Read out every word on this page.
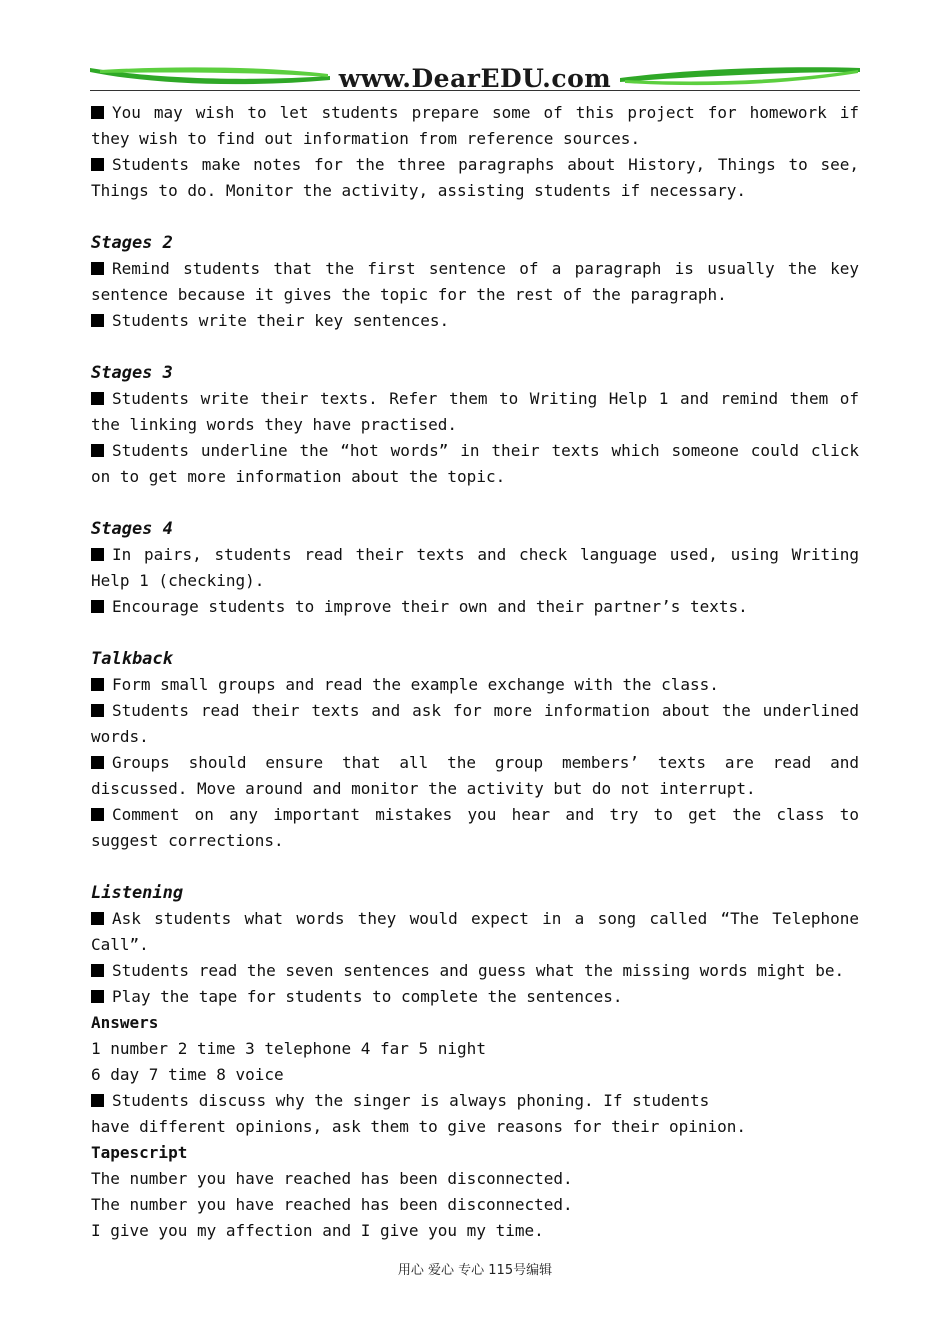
www.DearEDU.com
You may wish to let students prepare some of this project for homework if
they wish to find out information from reference sources.
Students make notes for the three paragraphs about History, Things to see,
Things to do. Monitor the activity, assisting students if necessary.
Stages 2
Remind students that the first sentence of a paragraph is usually the key
sentence because it gives the topic for the rest of the paragraph.
Students write their key sentences.
Stages 3
Students write their texts. Refer them to Writing Help 1 and remind them of
the linking words they have practised.
Students underline the “hot words” in their texts which someone could click
on to get more information about the topic.
Stages 4
In pairs, students read their texts and check language used, using Writing
Help 1 (checking).
Encourage students to improve their own and their partner’s texts.
Talkback
Form small groups and read the example exchange with the class.
Students read their texts and ask for more information about the underlined
words.
Groups should ensure that all the group members’ texts are read and
discussed. Move around and monitor the activity but do not interrupt.
Comment on any important mistakes you hear and try to get the class to
suggest corrections.
Listening
Ask students what words they would expect in a song called “The Telephone
Call”.
Students read the seven sentences and guess what the missing words might be.
Play the tape for students to complete the sentences.
Answers
1 number 2 time 3 telephone 4 far 5 night
6 day 7 time 8 voice
Students discuss why the singer is always phoning. If students
have different opinions, ask them to give reasons for their opinion.
Tapescript
The number you have reached has been disconnected.
The number you have reached has been disconnected.
I give you my affection and I give you my time.
用心 爱心 专心 115号编辑
